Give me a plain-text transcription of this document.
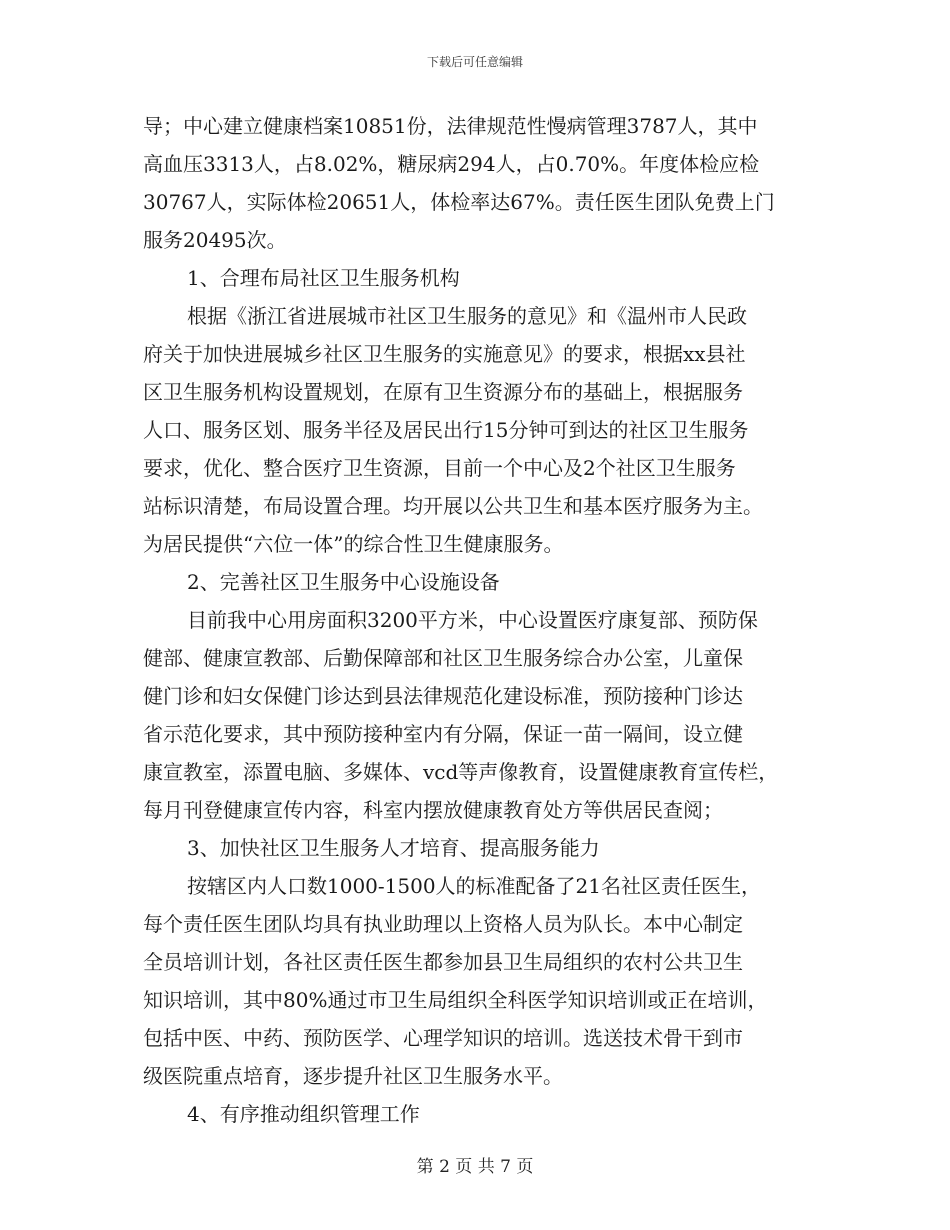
下载后可任意编辑
导；中心建立健康档案10851份，法律规范性慢病管理3787人，其中
高血压3313人，占8.02%，糖尿病294人，占0.70%。年度体检应检
30767人，实际体检20651人，体检率达67%。责任医生团队免费上门
服务20495次。
1、合理布局社区卫生服务机构
根据《浙江省进展城市社区卫生服务的意见》和《温州市人民政
府关于加快进展城乡社区卫生服务的实施意见》的要求，根据xx县社
区卫生服务机构设置规划，在原有卫生资源分布的基础上，根据服务
人口、服务区划、服务半径及居民出行15分钟可到达的社区卫生服务
要求，优化、整合医疗卫生资源，目前一个中心及2个社区卫生服务
站标识清楚，布局设置合理。均开展以公共卫生和基本医疗服务为主。
为居民提供“六位一体”的综合性卫生健康服务。
2、完善社区卫生服务中心设施设备
目前我中心用房面积3200平方米，中心设置医疗康复部、预防保
健部、健康宣教部、后勤保障部和社区卫生服务综合办公室，儿童保
健门诊和妇女保健门诊达到县法律规范化建设标准，预防接种门诊达
省示范化要求，其中预防接种室内有分隔，保证一苗一隔间，设立健
康宣教室，添置电脑、多媒体、vcd等声像教育，设置健康教育宣传栏，
每月刊登健康宣传内容，科室内摆放健康教育处方等供居民查阅；
3、加快社区卫生服务人才培育、提高服务能力
按辖区内人口数1000-1500人的标准配备了21名社区责任医生，
每个责任医生团队均具有执业助理以上资格人员为队长。本中心制定
全员培训计划，各社区责任医生都参加县卫生局组织的农村公共卫生
知识培训，其中80%通过市卫生局组织全科医学知识培训或正在培训，
包括中医、中药、预防医学、心理学知识的培训。选送技术骨干到市
级医院重点培育，逐步提升社区卫生服务水平。
4、有序推动组织管理工作
第 2 页 共 7 页
